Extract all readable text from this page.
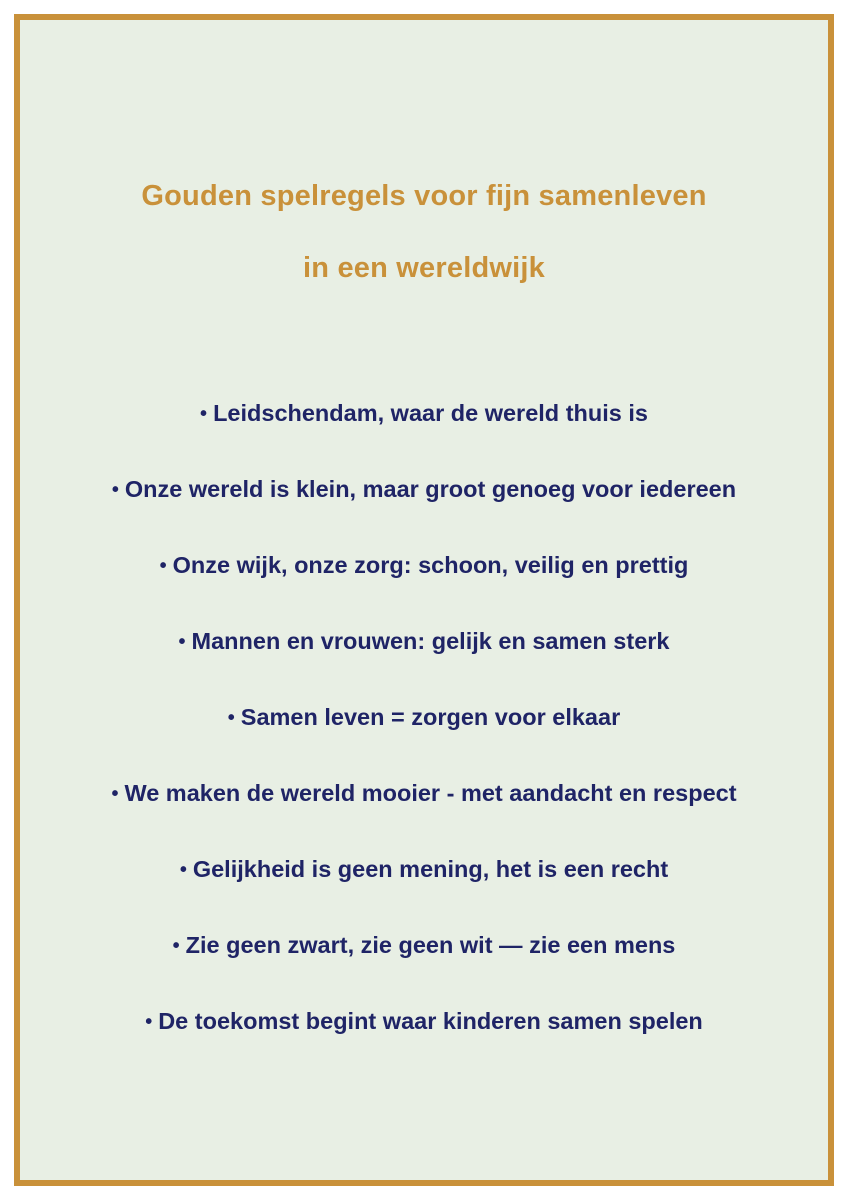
Gouden spelregels voor fijn samenleven
in een wereldwijk
• Leidschendam, waar de wereld thuis is
• Onze wereld is klein, maar groot genoeg voor iedereen
• Onze wijk, onze zorg: schoon, veilig en prettig
• Mannen en vrouwen: gelijk en samen sterk
• Samen leven = zorgen voor elkaar
• We maken de wereld mooier - met aandacht en respect
• Gelijkheid is geen mening, het is een recht
• Zie geen zwart, zie geen wit — zie een mens
• De toekomst begint waar kinderen samen spelen
